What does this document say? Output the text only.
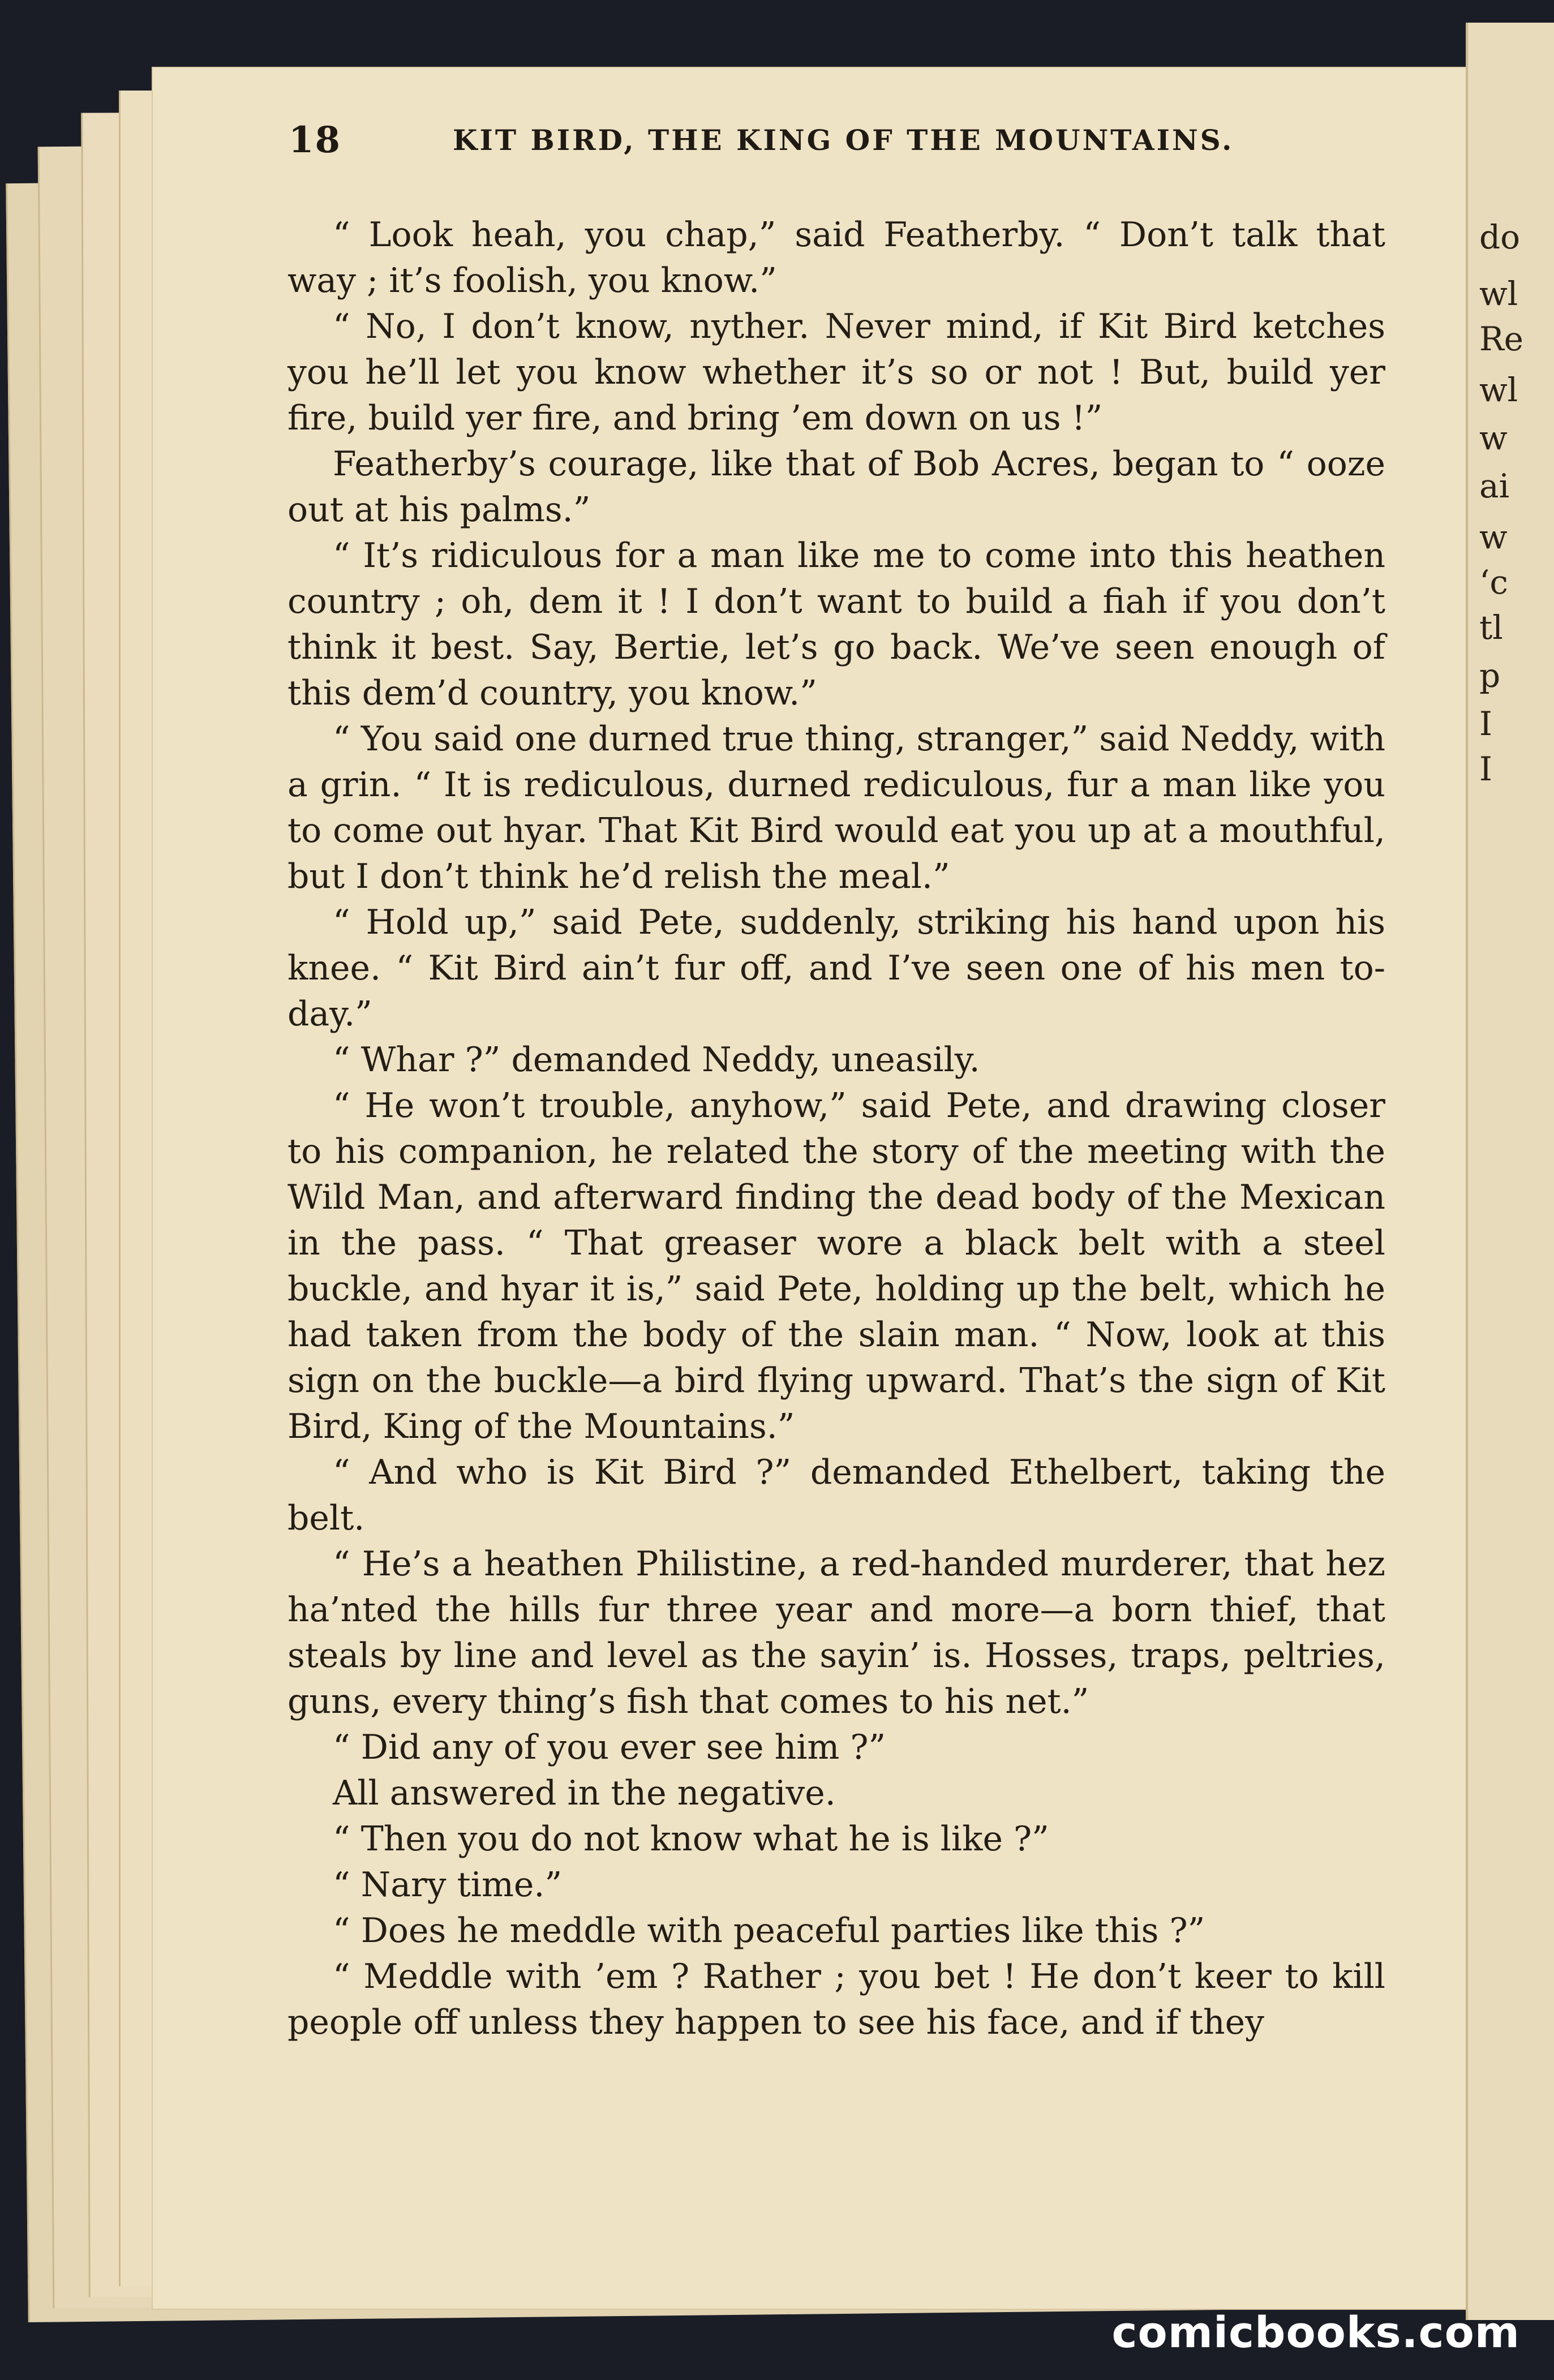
do
wl
Re
wl
w
ai
w
‘c
tl
p
I
I
18	KIT BIRD, THE KING OF THE MOUNTAINS.

“ Look heah, you chap,” said Featherby. “ Don’t talk that way ; it’s foolish, you know.”

“ No, I don’t know, nyther. Never mind, if Kit Bird ketches you he’ll let you know whether it’s so or not ! But, build yer fire, build yer fire, and bring ’em down on us !”

Featherby’s courage, like that of Bob Acres, began to “ ooze out at his palms.”

“ It’s ridiculous for a man like me to come into this heathen country ; oh, dem it ! I don’t want to build a fiah if you don’t think it best. Say, Bertie, let’s go back. We’ve seen enough of this dem’d country, you know.”

“ You said one durned true thing, stranger,” said Neddy, with a grin. “ It is rediculous, durned rediculous, fur a man like you to come out hyar. That Kit Bird would eat you up at a mouthful, but I don’t think he’d relish the meal.”

“ Hold up,” said Pete, suddenly, striking his hand upon his knee. “ Kit Bird ain’t fur off, and I’ve seen one of his men to-day.”

“ Whar ?” demanded Neddy, uneasily.

“ He won’t trouble, anyhow,” said Pete, and drawing closer to his companion, he related the story of the meeting with the Wild Man, and afterward finding the dead body of the Mexican in the pass. “ That greaser wore a black belt with a steel buckle, and hyar it is,” said Pete, holding up the belt, which he had taken from the body of the slain man. “ Now, look at this sign on the buckle—a bird flying upward. That’s the sign of Kit Bird, King of the Mountains.”

“ And who is Kit Bird ?” demanded Ethelbert, taking the belt.

“ He’s a heathen Philistine, a red-handed murderer, that hez ha’nted the hills fur three year and more—a born thief, that steals by line and level as the sayin’ is. Hosses, traps, peltries, guns, every thing’s fish that comes to his net.”

“ Did any of you ever see him ?”

All answered in the negative.

“ Then you do not know what he is like ?”

“ Nary time.”

“ Does he meddle with peaceful parties like this ?”

“ Meddle with ’em ? Rather ; you bet ! He don’t keer to kill people off unless they happen to see his face, and if they

comicbooks.com
